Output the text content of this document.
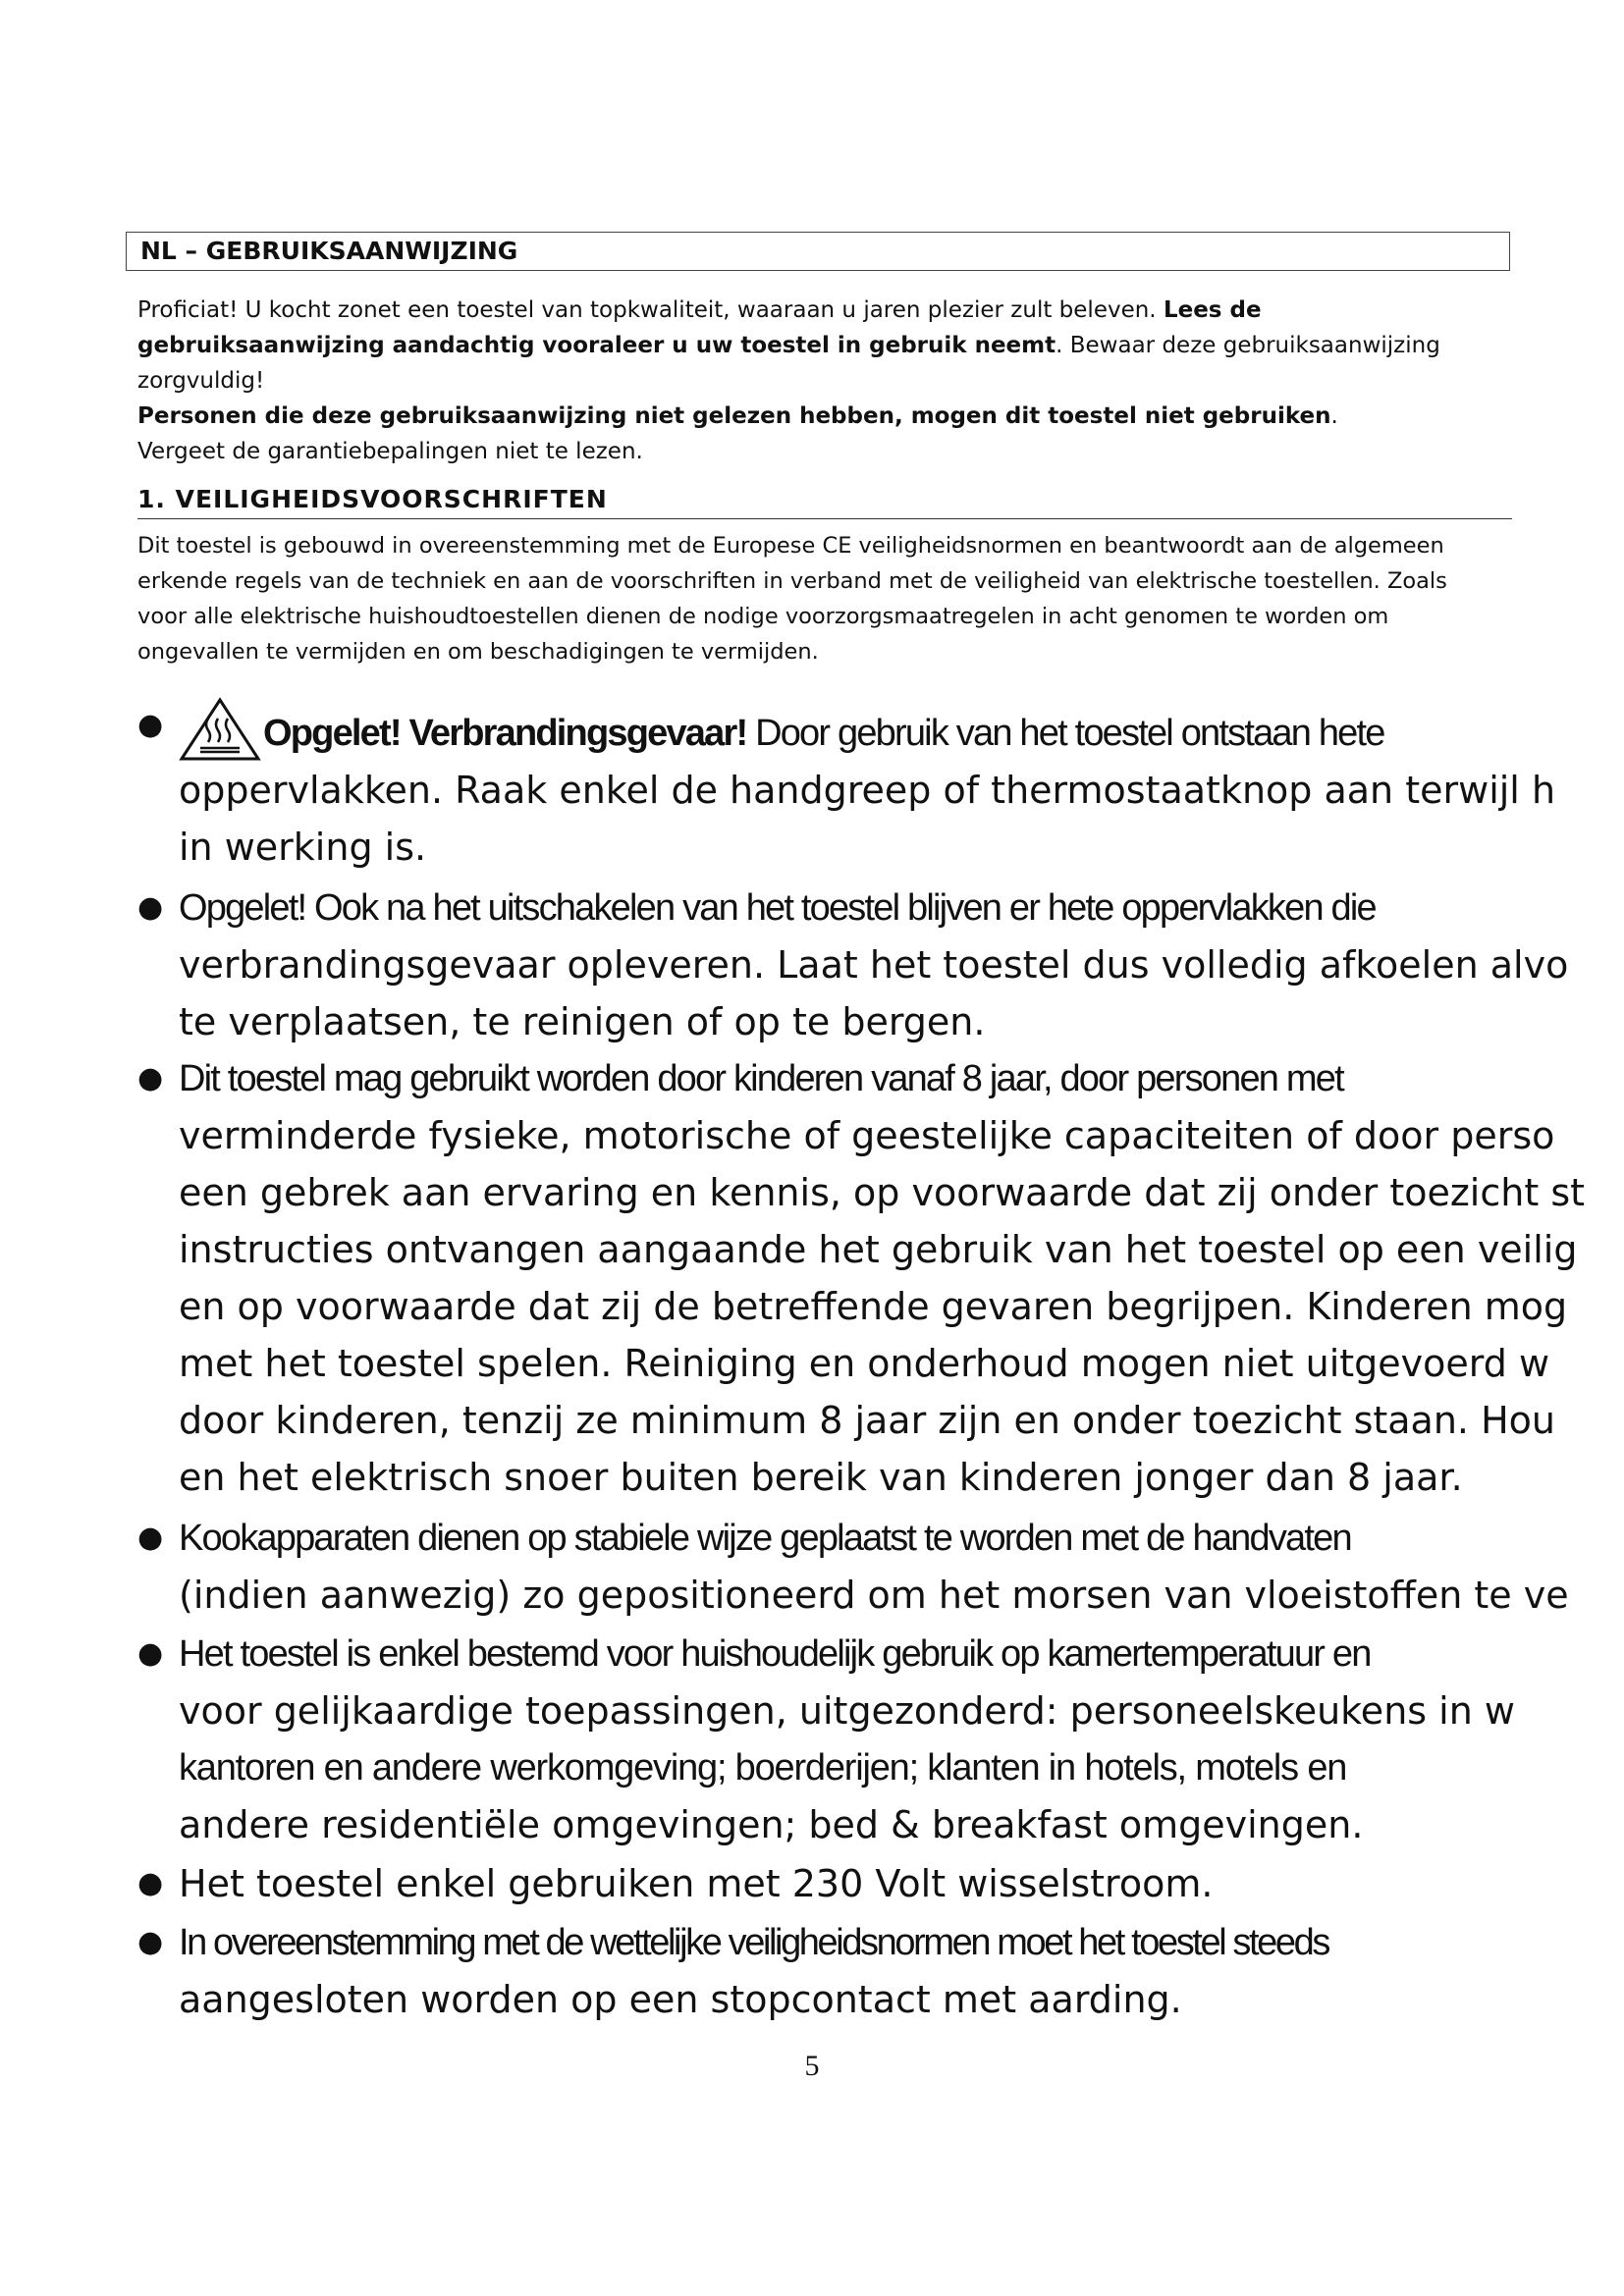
NL – GEBRUIKSAANWIJZING

Proficiat! U kocht zonet een toestel van topkwaliteit, waaraan u jaren plezier zult beleven. Lees de
gebruiksaanwijzing aandachtig vooraleer u uw toestel in gebruik neemt. Bewaar deze gebruiksaanwijzing
zorgvuldig!

Personen die deze gebruiksaanwijzing niet gelezen hebben, mogen dit toestel niet gebruiken.
Vergeet de garantiebepalingen niet te lezen.

1. VEILIGHEIDSVOORSCHRIFTEN

Dit toestel is gebouwd in overeenstemming met de Europese CE veiligheidsnormen en beantwoordt aan de algemeen

erkende regels van de techniek en aan de voorschriften in verband met de veiligheid van elektrische toestellen. Zoals

voor alle elektrische huishoudtoestellen dienen de nodige voorzorgsmaatregelen in acht genomen te worden om

ongevallen te vermijden en om beschadigingen te vermijden.

●	Opgelet! Verbrandingsgevaar! Door gebruik van het toestel ontstaan hete
oppervlakken. Raak enkel de handgreep of thermostaatknop aan terwijl h
in werking is.
● Opgelet! Ook na het uitschakelen van het toestel blijven er hete oppervlakken die
verbrandingsgevaar opleveren. Laat het toestel dus volledig afkoelen alvo
te verplaatsen, te reinigen of op te bergen.
● Dit toestel mag gebruikt worden door kinderen vanaf 8 jaar, door personen met
verminderde fysieke, motorische of geestelijke capaciteiten of door perso
een gebrek aan ervaring en kennis, op voorwaarde dat zij onder toezicht st
instructies ontvangen aangaande het gebruik van het toestel op een veilig
en op voorwaarde dat zij de betreffende gevaren begrijpen. Kinderen mog
met het toestel spelen. Reiniging en onderhoud mogen niet uitgevoerd w
door kinderen, tenzij ze minimum 8 jaar zijn en onder toezicht staan. Hou
en het elektrisch snoer buiten bereik van kinderen jonger dan 8 jaar.
● Kookapparaten dienen op stabiele wijze geplaatst te worden met de handvaten
(indien aanwezig) zo gepositioneerd om het morsen van vloeistoffen te ve
● Het toestel is enkel bestemd voor huishoudelijk gebruik op kamertemperatuur en
voor gelijkaardige toepassingen, uitgezonderd: personeelskeukens in w
kantoren en andere werkomgeving; boerderijen; klanten in hotels, motels en
andere residentiële omgevingen; bed & breakfast omgevingen.
● Het toestel enkel gebruiken met 230 Volt wisselstroom.
● In overeenstemming met de wettelijke veiligheidsnormen moet het toestel steeds
aangesloten worden op een stopcontact met aarding.
5
